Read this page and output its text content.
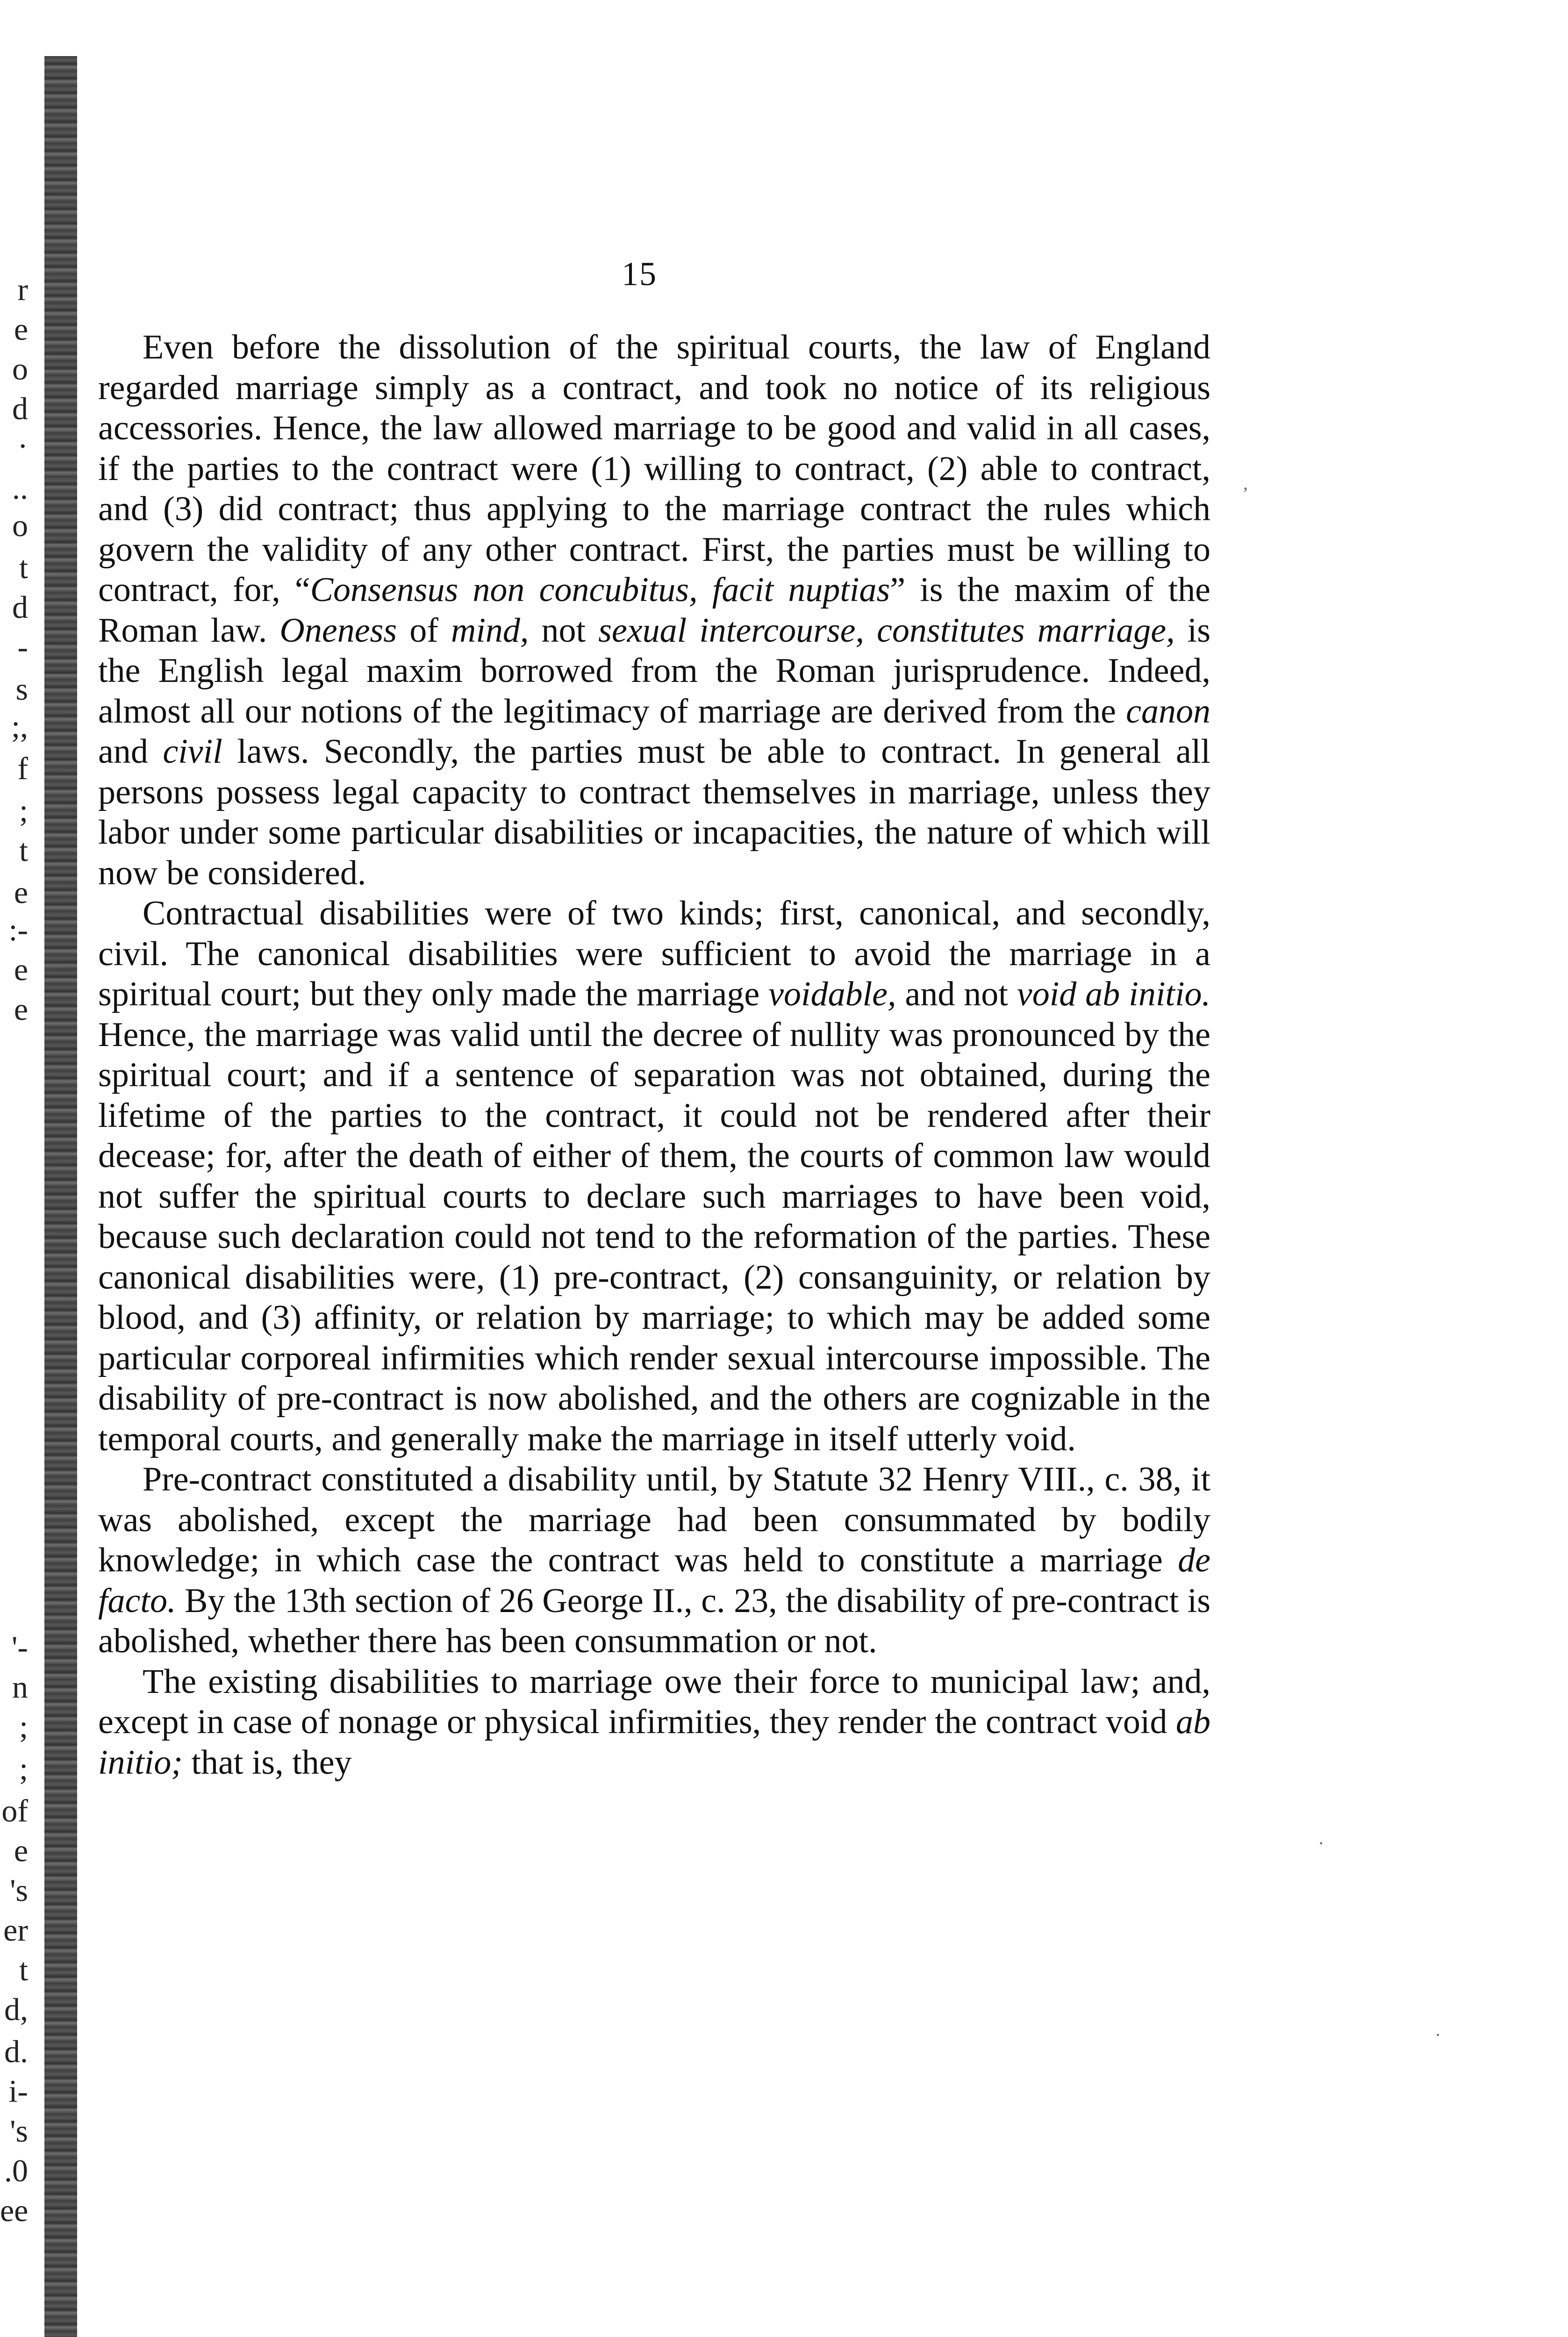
r
e
o
d
·
..
o
t
d
-
s
;,
f
;
t
e
:-
e
e
'-
n
;
;
of
e
's
er
t
d,
d.
i-
's
.0
ee
15

Even before the dissolution of the spiritual courts, the law of England regarded marriage simply as a contract, and took no notice of its religious accessories. Hence, the law allowed marriage to be good and valid in all cases, if the parties to the contract were (1) willing to contract, (2) able to contract, and (3) did contract; thus applying to the marriage contract the rules which govern the validity of any other contract. First, the parties must be willing to contract, for, “Consensus non concubitus, facit nuptias” is the maxim of the Roman law. Oneness of mind, not sexual intercourse, constitutes marriage, is the English legal maxim borrowed from the Roman jurisprudence. Indeed, almost all our notions of the legitimacy of marriage are derived from the canon and civil laws. Secondly, the parties must be able to contract. In general all persons possess legal capacity to contract themselves in marriage, unless they labor under some particular disabilities or incapacities, the nature of which will now be considered.

Contractual disabilities were of two kinds; first, canonical, and secondly, civil. The canonical disabilities were sufficient to avoid the marriage in a spiritual court; but they only made the marriage voidable, and not void ab initio. Hence, the marriage was valid until the decree of nullity was pronounced by the spiritual court; and if a sentence of separation was not obtained, during the lifetime of the parties to the contract, it could not be rendered after their decease; for, after the death of either of them, the courts of common law would not suffer the spiritual courts to declare such marriages to have been void, because such declaration could not tend to the reformation of the parties. These canonical disabilities were, (1) pre-contract, (2) consanguinity, or relation by blood, and (3) affinity, or relation by marriage; to which may be added some particular corporeal infirmities which render sexual intercourse impossible. The disability of pre-contract is now abolished, and the others are cognizable in the temporal courts, and generally make the marriage in itself utterly void.

Pre-contract constituted a disability until, by Statute 32 Henry VIII., c. 38, it was abolished, except the marriage had been consummated by bodily knowledge; in which case the contract was held to constitute a marriage de facto. By the 13th section of 26 George II., c. 23, the disability of pre-contract is abolished, whether there has been consummation or not.

The existing disabilities to marriage owe their force to municipal law; and, except in case of nonage or physical infirmities, they render the contract void ab initio; that is, they

,
·
·
